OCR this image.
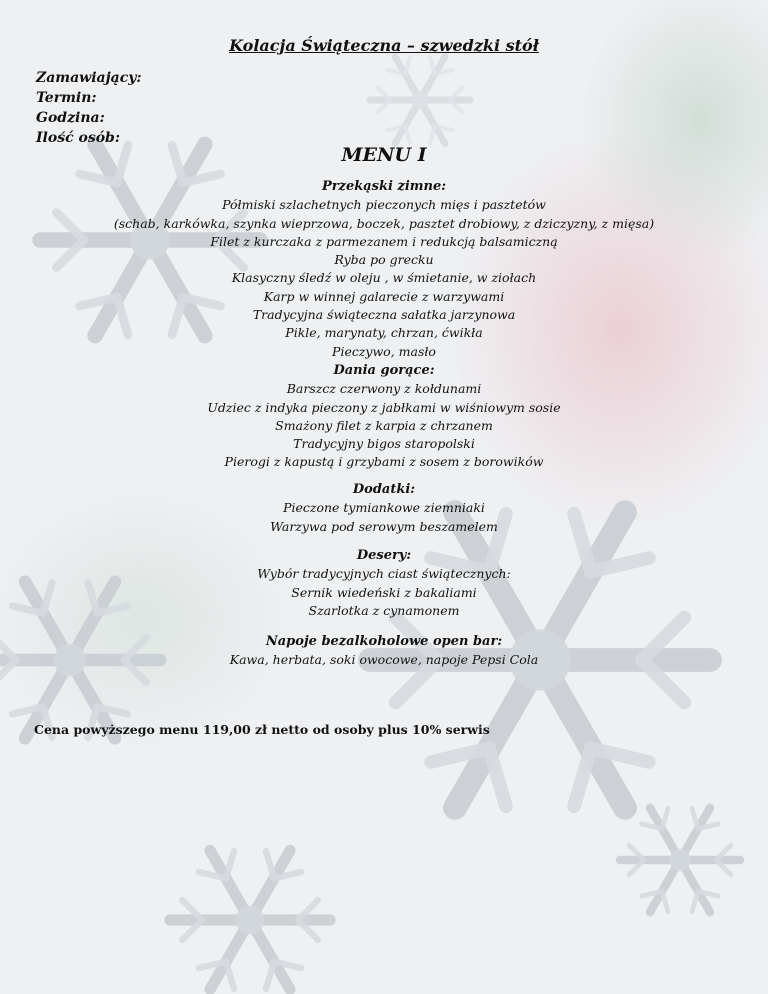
Kolacja Świąteczna – szwedzki stół
Zamawiający:
Termin:
Godzina:
Ilość osób:
MENU I
Przekąski zimne:
Półmiski szlachetnych pieczonych mięs i pasztetów
(schab, karkówka, szynka wieprzowa, boczek, pasztet drobiowy, z dziczyzny, z mięsa)
Filet z kurczaka z parmezanem i redukcją balsamiczną
Ryba po grecku
Klasyczny śledź w oleju , w śmietanie, w ziołach
Karp w winnej galarecie z warzywami
Tradycyjna świąteczna sałatka jarzynowa
Pikle, marynaty, chrzan, ćwikła
Pieczywo, masło
Dania gorące:
Barszcz czerwony z kołdunami
Udziec z indyka pieczony z jabłkami w wiśniowym sosie
Smażony filet z karpia z chrzanem
Tradycyjny bigos staropolski
Pierogi z kapustą i grzybami z sosem z borowików
Dodatki:
Pieczone tymiankowe ziemniaki
Warzywa pod serowym beszamelem
Desery:
Wybór tradycyjnych ciast świątecznych:
Sernik wiedeński z bakaliami
Szarlotka z cynamonem
Napoje bezalkoholowe open bar:
Kawa, herbata, soki owocowe, napoje Pepsi Cola
Cena powyższego menu 119,00 zł netto od osoby plus 10% serwis
